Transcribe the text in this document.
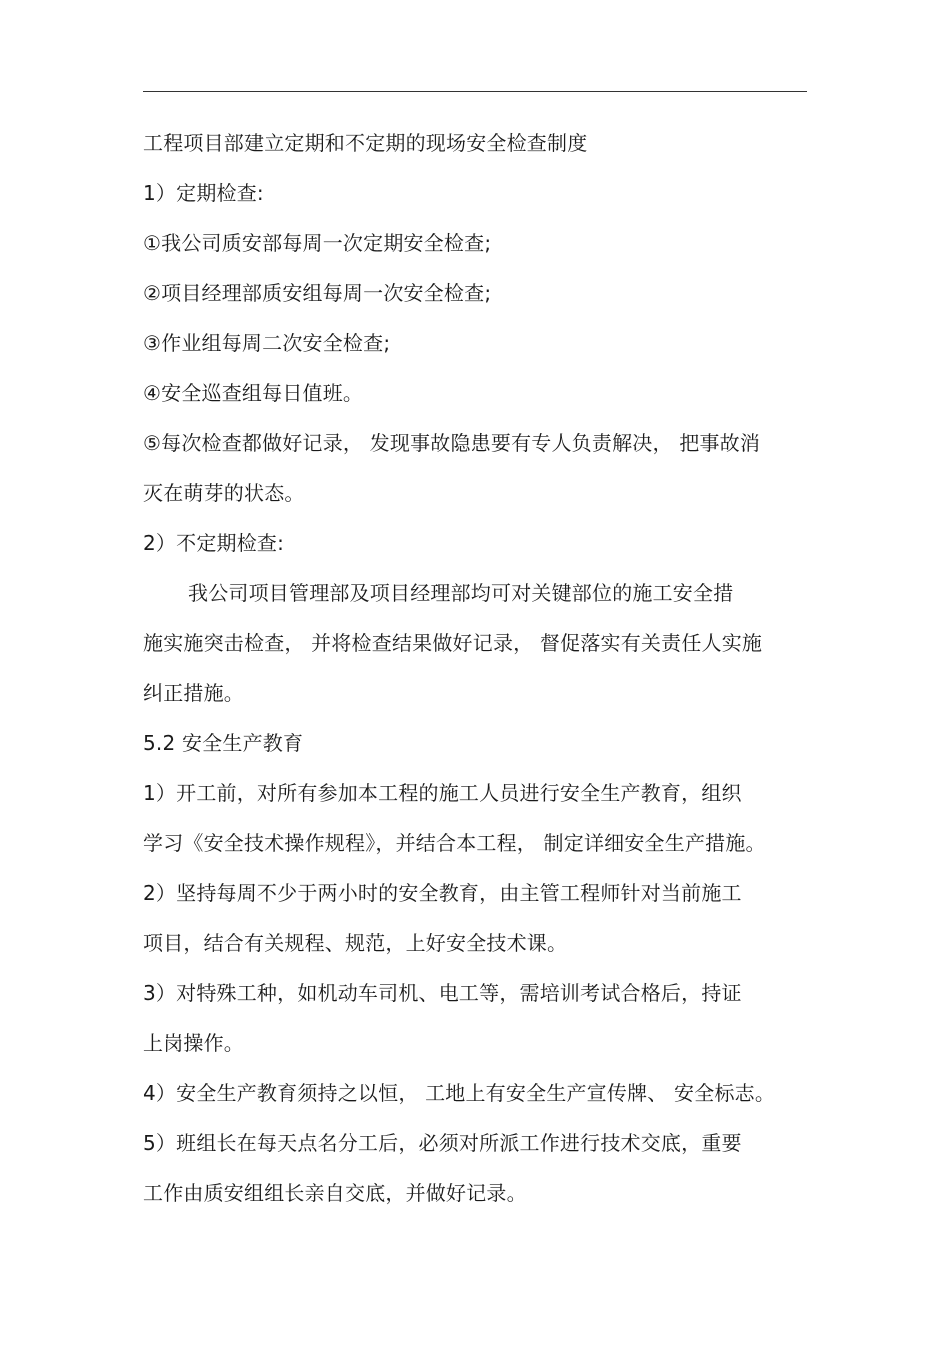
工程项目部建立定期和不定期的现场安全检查制度
1）定期检查:
①我公司质安部每周一次定期安全检查;
②项目经理部质安组每周一次安全检查;
③作业组每周二次安全检查;
④安全巡查组每日值班。
⑤每次检查都做好记录， 发现事故隐患要有专人负责解决， 把事故消
灭在萌芽的状态。
2）不定期检查:
我公司项目管理部及项目经理部均可对关键部位的施工安全措
施实施突击检查， 并将检查结果做好记录， 督促落实有关责任人实施
纠正措施。
5.2 安全生产教育
1）开工前，对所有参加本工程的施工人员进行安全生产教育，组织
学习《安全技术操作规程》，并结合本工程， 制定详细安全生产措施。
2）坚持每周不少于两小时的安全教育，由主管工程师针对当前施工
项目，结合有关规程、规范，上好安全技术课。
3）对特殊工种，如机动车司机、电工等，需培训考试合格后，持证
上岗操作。
4）安全生产教育须持之以恒， 工地上有安全生产宣传牌、 安全标志。
5）班组长在每天点名分工后，必须对所派工作进行技术交底，重要
工作由质安组组长亲自交底，并做好记录。
